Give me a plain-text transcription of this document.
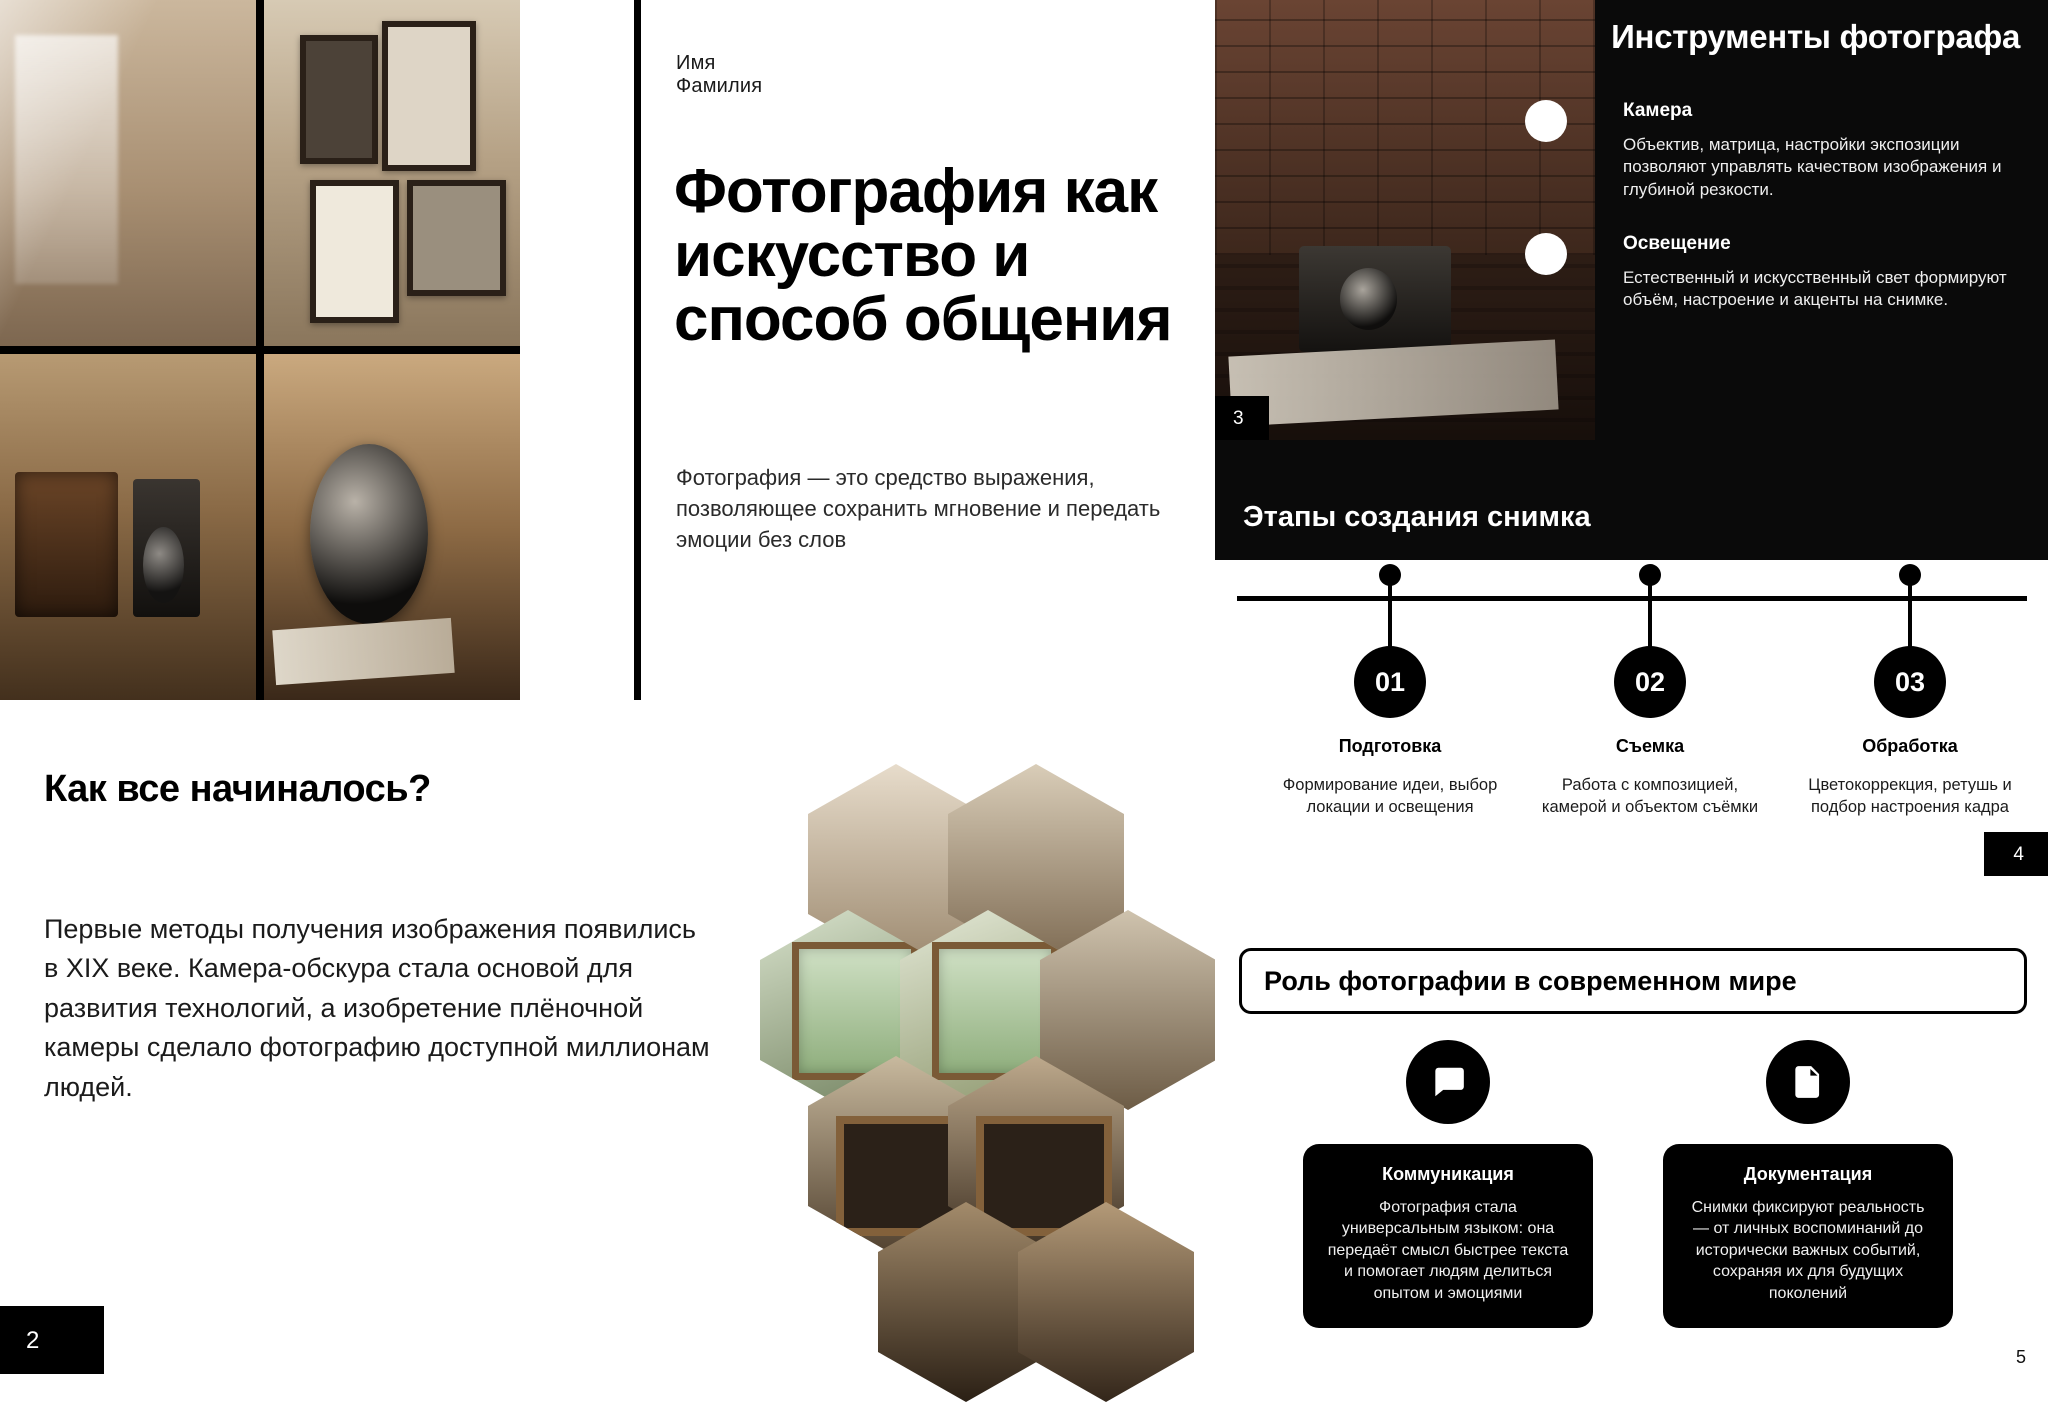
Имя Фамилия
Фотография как искусство и способ общения
Фотография — это средство выражения, позволяющее сохранить мгновение и передать эмоции без слов
Как все начиналось?
Первые методы получения изображения появились в XIX веке. Камера-обскура стала основой для развития технологий, а изобретение плёночной камеры сделало фотографию доступной миллионам людей.
2
3
Инструменты фотографа
Камера
Объектив, матрица, настройки экспозиции позволяют управлять качеством изображения и глубиной резкости.
Освещение
Естественный и искусственный свет формируют объём, настроение и акценты на снимке.
Этапы создания снимка
01
Подготовка
Формирование идеи, выбор локации и освещения
02
Съемка
Работа с композицией, камерой и объектом съёмки
03
Обработка
Цветокоррекция, ретушь и подбор настроения кадра
4
Роль фотографии в современном мире
Коммуникация
Фотография стала универсальным языком: она передаёт смысл быстрее текста и помогает людям делиться опытом и эмоциями
Документация
Снимки фиксируют реальность — от личных воспоминаний до исторически важных событий, сохраняя их для будущих поколений
5
